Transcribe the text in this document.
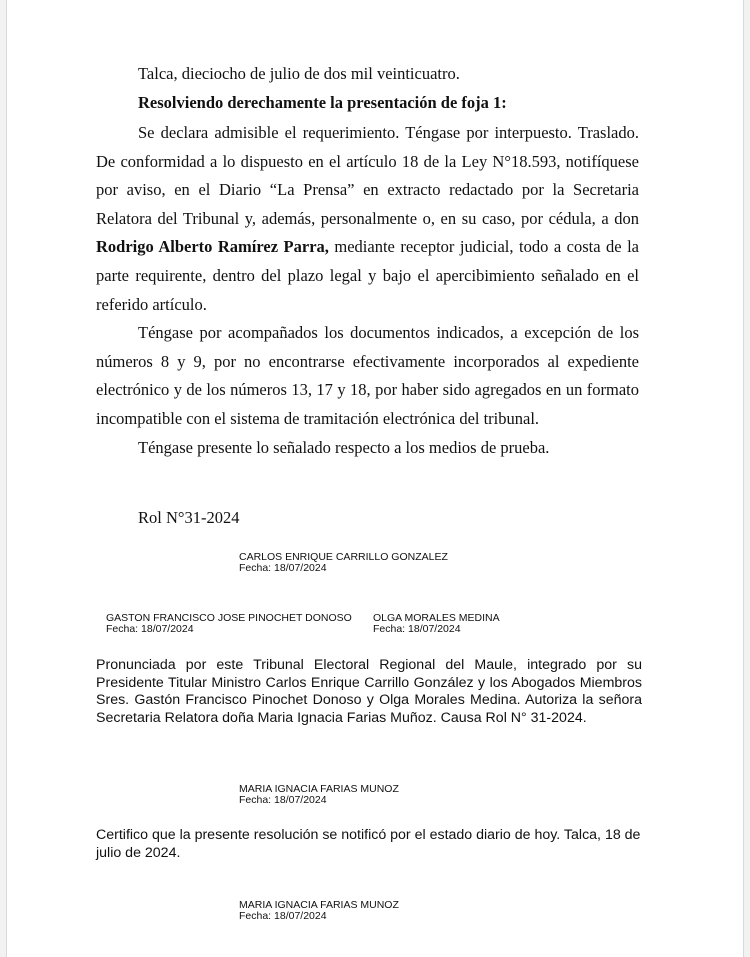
Talca, dieciocho de julio de dos mil veinticuatro.
Resolviendo derechamente la presentación de foja 1:

Se declara admisible el requerimiento. Téngase por interpuesto. Traslado. De conformidad a lo dispuesto en el artículo 18 de la Ley N°18.593, notifíquese por aviso, en el Diario “La Prensa” en extracto redactado por la Secretaria Relatora del Tribunal y, además, personalmente o, en su caso, por cédula, a don Rodrigo Alberto Ramírez Parra, mediante receptor judicial, todo a costa de la parte requirente, dentro del plazo legal y bajo el apercibimiento señalado en el referido artículo.

Téngase por acompañados los documentos indicados, a excepción de los números 8 y 9, por no encontrarse efectivamente incorporados al expediente electrónico y de los números 13, 17 y 18, por haber sido agregados en un formato incompatible con el sistema de tramitación electrónica del tribunal.

Téngase presente lo señalado respecto a los medios de prueba.

Rol N°31-2024
CARLOS ENRIQUE CARRILLO GONZALEZ
Fecha: 18/07/2024
GASTON FRANCISCO JOSE PINOCHET DONOSO
Fecha: 18/07/2024
OLGA MORALES MEDINA
Fecha: 18/07/2024
Pronunciada por este Tribunal Electoral Regional del Maule, integrado por su Presidente Titular Ministro Carlos Enrique Carrillo González y los Abogados Miembros Sres. Gastón Francisco Pinochet Donoso y Olga Morales Medina. Autoriza la señora Secretaria Relatora doña Maria Ignacia Farias Muñoz. Causa Rol N° 31-2024.
MARIA IGNACIA FARIAS MUNOZ
Fecha: 18/07/2024
Certifico que la presente resolución se notificó por el estado diario de hoy. Talca, 18 de julio de 2024.
MARIA IGNACIA FARIAS MUNOZ
Fecha: 18/07/2024
